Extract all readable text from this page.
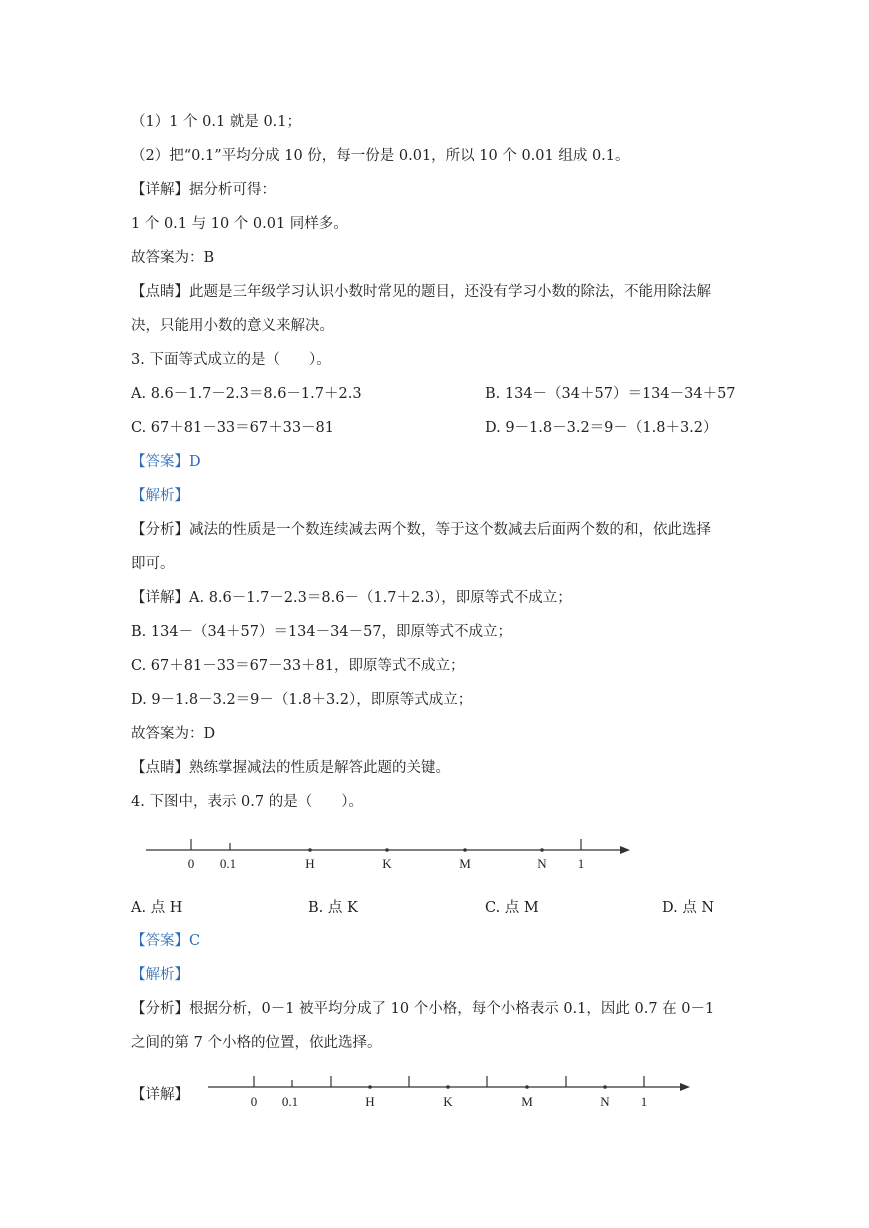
（1）1 个 0.1 就是 0.1；
（2）把“0.1”平均分成 10 份，每一份是 0.01，所以 10 个 0.01 组成 0.1。
【详解】据分析可得：
1 个 0.1 与 10 个 0.01 同样多。
故答案为：B
【点睛】此题是三年级学习认识小数时常见的题目，还没有学习小数的除法，不能用除法解
决，只能用小数的意义来解决。
3. 下面等式成立的是（　　）。
A. 8.6－1.7－2.3＝8.6－1.7＋2.3	B. 134－（34＋57）＝134－34＋57
C. 67＋81－33＝67＋33－81	D. 9－1.8－3.2＝9－（1.8＋3.2）
【答案】D
【解析】
【分析】减法的性质是一个数连续减去两个数，等于这个数减去后面两个数的和，依此选择
即可。
【详解】A. 8.6－1.7－2.3＝8.6－（1.7＋2.3），即原等式不成立；
B. 134－（34＋57）＝134－34－57，即原等式不成立；
C. 67＋81－33＝67－33＋81，即原等式不成立；
D. 9－1.8－3.2＝9－（1.8＋3.2），即原等式成立；
故答案为：D
【点睛】熟练掌握减法的性质是解答此题的关键。
4. 下图中，表示 0.7 的是（　　）。
0 0.1	H	K	M	N 1
A. 点 H	B. 点 K	C. 点 M	D. 点 N
【答案】C
【解析】
【分析】根据分析，0－1 被平均分成了 10 个小格，每个小格表示 0.1，因此 0.7 在 0－1
之间的第 7 个小格的位置，依此选择。
【详解】	0 0.1	H	K	M	N 1
